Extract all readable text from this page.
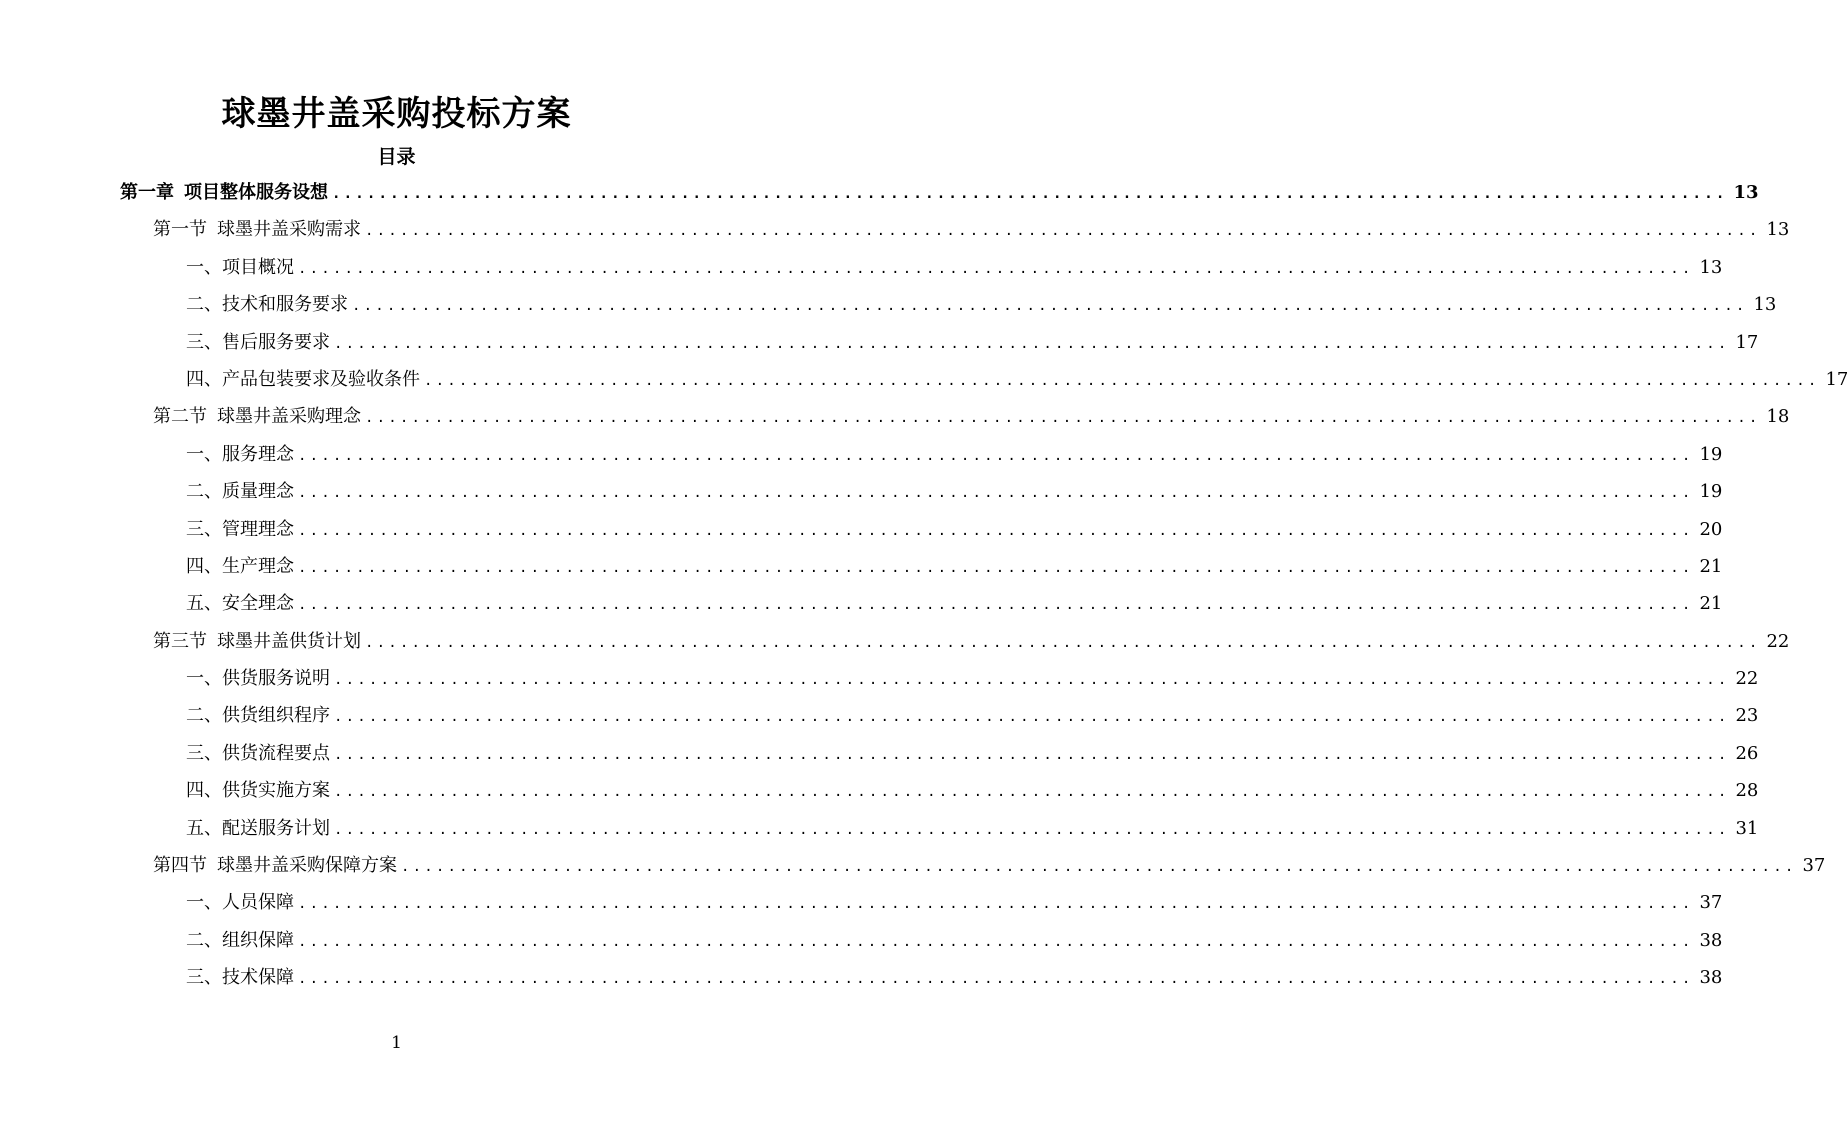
球墨井盖采购投标方案
目录
第一章 项目整体服务设想 ........................................................................................................................ 13
第一节 球墨井盖采购需求 ........................................................................................................................ 13
一、项目概况 ........................................................................................................................ 13
二、技术和服务要求 ........................................................................................................................ 13
三、售后服务要求 ........................................................................................................................ 17
四、产品包装要求及验收条件 ........................................................................................................................ 17
第二节 球墨井盖采购理念 ........................................................................................................................ 18
一、服务理念 ........................................................................................................................ 19
二、质量理念 ........................................................................................................................ 19
三、管理理念 ........................................................................................................................ 20
四、生产理念 ........................................................................................................................ 21
五、安全理念 ........................................................................................................................ 21
第三节 球墨井盖供货计划 ........................................................................................................................ 22
一、供货服务说明 ........................................................................................................................ 22
二、供货组织程序 ........................................................................................................................ 23
三、供货流程要点 ........................................................................................................................ 26
四、供货实施方案 ........................................................................................................................ 28
五、配送服务计划 ........................................................................................................................ 31
第四节 球墨井盖采购保障方案 ........................................................................................................................ 37
一、人员保障 ........................................................................................................................ 37
二、组织保障 ........................................................................................................................ 38
三、技术保障 ........................................................................................................................ 38
1
